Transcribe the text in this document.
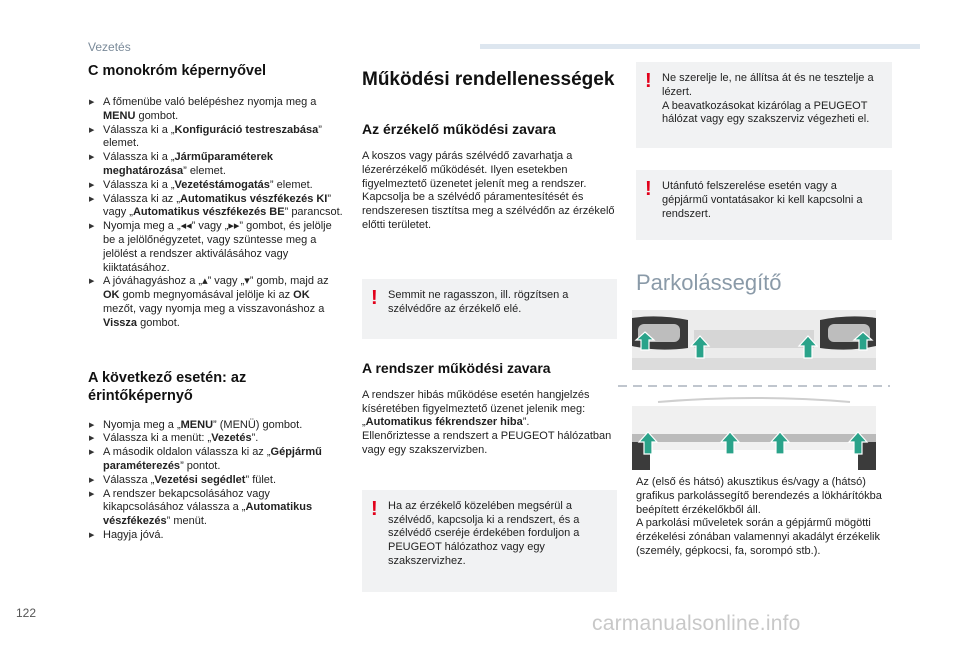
Vezetés
C monokróm képernyővel
▶ A főmenübe való belépéshez nyomja meg a MENU gombot.
▶ Válassza ki a „Konfiguráció testreszabása” elemet.
▶ Válassza ki a „Járműparaméterek meghatározása” elemet.
▶ Válassza ki a „Vezetéstámogatás” elemet.
▶ Válassza ki az „Automatikus vészfékezés KI” vagy „Automatikus vészfékezés BE” parancsot.
▶ Nyomja meg a „◂◂” vagy „▸▸” gombot, és jelölje be a jelölőnégyzetet, vagy szüntesse meg a jelölést a rendszer aktiválásához vagy kiiktatásához.
▶ A jóváhagyáshoz a „▴” vagy „▾” gomb, majd az OK gomb megnyomásával jelölje ki az OK mezőt, vagy nyomja meg a visszavonáshoz a Vissza gombot.
A következő esetén: az érintőképernyő
▶ Nyomja meg a „MENU” (MENÜ) gombot.
▶ Válassza ki a menüt: „Vezetés”.
▶ A második oldalon válassza ki az „Gépjármű paraméterezés” pontot.
▶ Válassza „Vezetési segédlet” fület.
▶ A rendszer bekapcsolásához vagy kikapcsolásához válassza a „Automatikus vészfékezés” menüt.
▶ Hagyja jóvá.
Működési rendellenességek
Az érzékelő működési zavara

A koszos vagy párás szélvédő zavarhatja a lézerérzékelő működését. Ilyen esetekben figyelmeztető üzenetet jelenít meg a rendszer. Kapcsolja be a szélvédő páramentesítését és rendszeresen tisztítsa meg a szélvédőn az érzékelő előtti területet.

! Semmit ne ragasszon, ill. rögzítsen a szélvédőre az érzékelő elé.
A rendszer működési zavara

A rendszer hibás működése esetén hangjelzés kíséretében figyelmeztető üzenet jelenik meg: „Automatikus fékrendszer hiba”.
Ellenőriztesse a rendszert a PEUGEOT hálózatban vagy egy szakszervizben.

! Ha az érzékelő közelében megsérül a szélvédő, kapcsolja ki a rendszert, és a szélvédő cseréje érdekében forduljon a PEUGEOT hálózathoz vagy egy szakszervizhez.
! Ne szerelje le, ne állítsa át és ne tesztelje a lézert.
A beavatkozásokat kizárólag a PEUGEOT hálózat vagy egy szakszerviz végezheti el.
! Utánfutó felszerelése esetén vagy a gépjármű vontatásakor ki kell kapcsolni a rendszert.
Parkolássegítő

Az (első és hátsó) akusztikus és/vagy a (hátsó) grafikus parkolássegítő berendezés a lökhárítókba beépített érzékelőkből áll.

A parkolási műveletek során a gépjármű mögötti érzékelési zónában valamennyi akadályt érzékelik (személy, gépkocsi, fa, sorompó stb.).

122	carmanualsonline.info
